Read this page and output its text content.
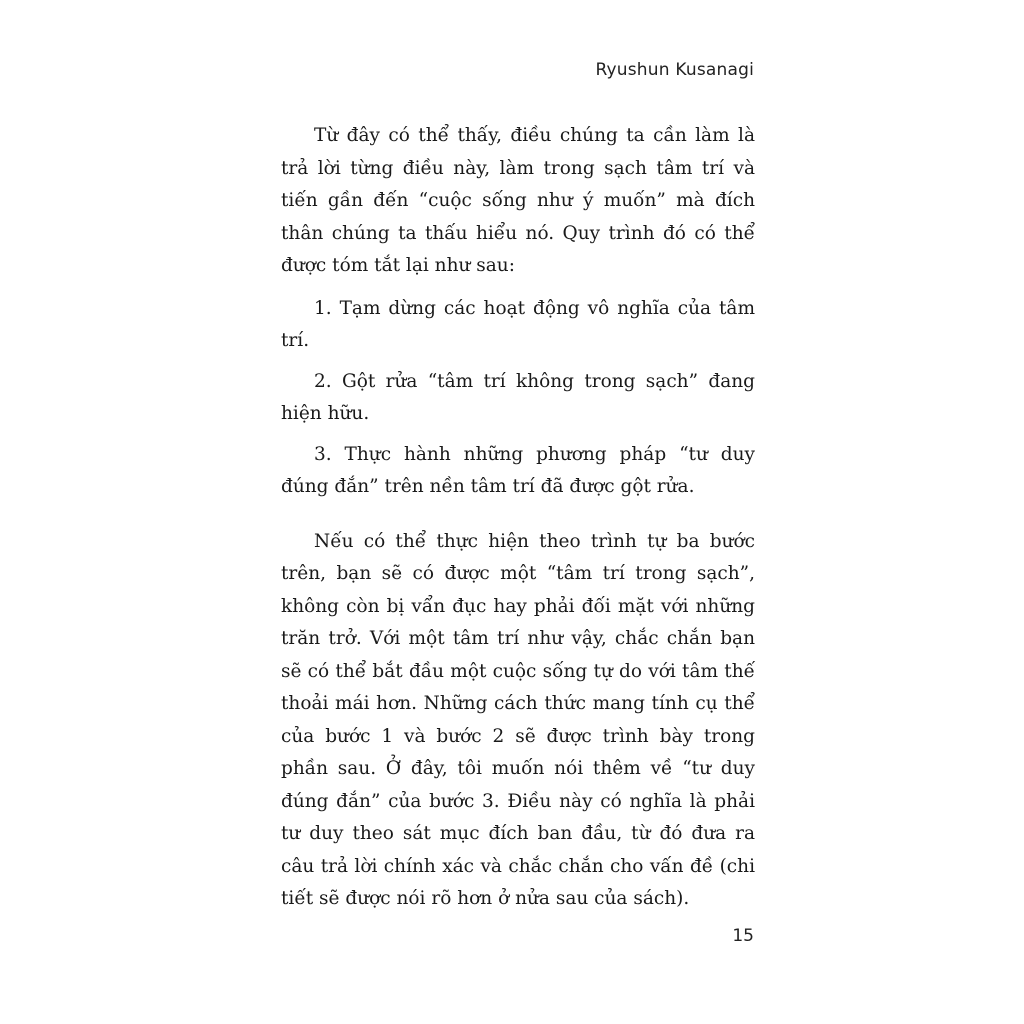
Ryushun Kusanagi

Từ đây có thể thấy, điều chúng ta cần làm là trả lời từng điều này, làm trong sạch tâm trí và tiến gần đến “cuộc sống như ý muốn” mà đích thân chúng ta thấu hiểu nó. Quy trình đó có thể được tóm tắt lại như sau:

1. Tạm dừng các hoạt động vô nghĩa của tâm trí.

2. Gột rửa “tâm trí không trong sạch” đang hiện hữu.

3. Thực hành những phương pháp “tư duy đúng đắn” trên nền tâm trí đã được gột rửa.

Nếu có thể thực hiện theo trình tự ba bước trên, bạn sẽ có được một “tâm trí trong sạch”, không còn bị vẩn đục hay phải đối mặt với những trăn trở. Với một tâm trí như vậy, chắc chắn bạn sẽ có thể bắt đầu một cuộc sống tự do với tâm thế thoải mái hơn. Những cách thức mang tính cụ thể của bước 1 và bước 2 sẽ được trình bày trong phần sau. Ở đây, tôi muốn nói thêm về “tư duy đúng đắn” của bước 3. Điều này có nghĩa là phải tư duy theo sát mục đích ban đầu, từ đó đưa ra câu trả lời chính xác và chắc chắn cho vấn đề (chi tiết sẽ được nói rõ hơn ở nửa sau của sách).

15
